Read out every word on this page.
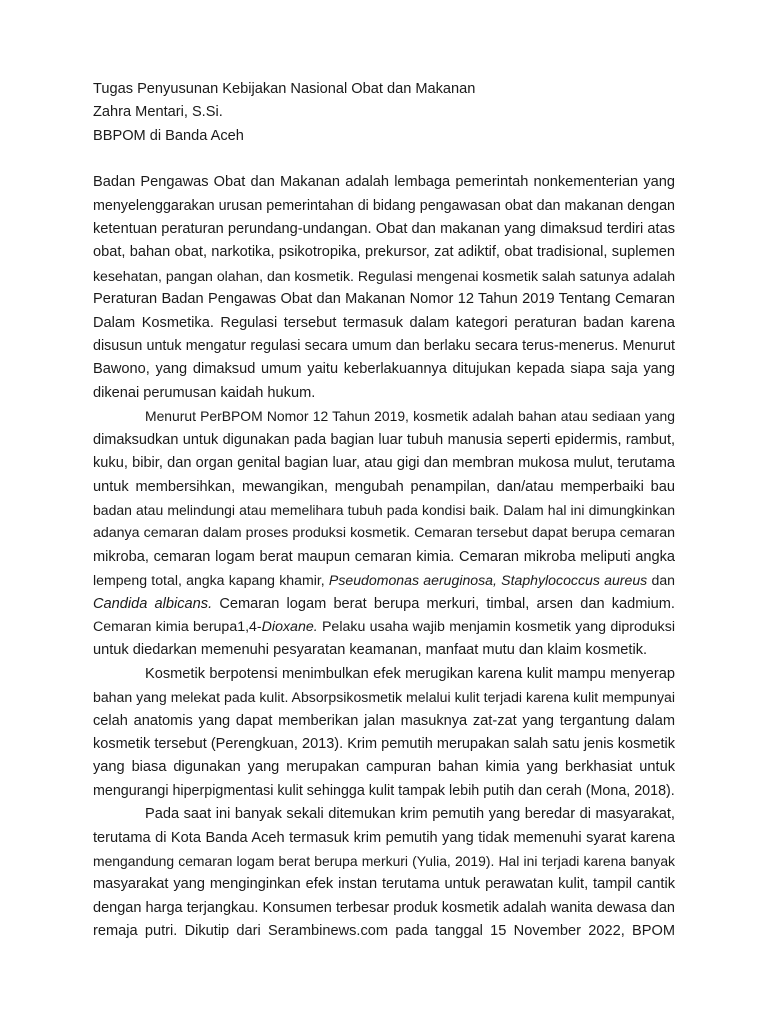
Tugas Penyusunan Kebijakan Nasional Obat dan Makanan

Zahra Mentari, S.Si.

BBPOM di Banda Aceh

Badan Pengawas Obat dan Makanan adalah lembaga pemerintah nonkementerian yang
menyelenggarakan urusan pemerintahan di bidang pengawasan obat dan makanan dengan
ketentuan peraturan perundang-undangan. Obat dan makanan yang dimaksud terdiri atas
obat, bahan obat, narkotika, psikotropika, prekursor, zat adiktif, obat tradisional, suplemen
kesehatan, pangan olahan, dan kosmetik. Regulasi mengenai kosmetik salah satunya adalah
Peraturan Badan Pengawas Obat dan Makanan Nomor 12 Tahun 2019 Tentang Cemaran
Dalam Kosmetika. Regulasi tersebut termasuk dalam kategori peraturan badan karena
disusun untuk mengatur regulasi secara umum dan berlaku secara terus-menerus. Menurut
Bawono, yang dimaksud umum yaitu keberlakuannya ditujukan kepada siapa saja yang
dikenai perumusan kaidah hukum.

Menurut PerBPOM Nomor 12 Tahun 2019, kosmetik adalah bahan atau sediaan yang
dimaksudkan untuk digunakan pada bagian luar tubuh manusia seperti epidermis, rambut,
kuku, bibir, dan organ genital bagian luar, atau gigi dan membran mukosa mulut, terutama
untuk membersihkan, mewangikan, mengubah penampilan, dan/atau memperbaiki bau
badan atau melindungi atau memelihara tubuh pada kondisi baik. Dalam hal ini dimungkinkan
adanya cemaran dalam proses produksi kosmetik. Cemaran tersebut dapat berupa cemaran
mikroba, cemaran logam berat maupun cemaran kimia. Cemaran mikroba meliputi angka
lempeng total, angka kapang khamir, Pseudomonas aeruginosa, Staphylococcus aureus dan
Candida albicans. Cemaran logam berat berupa merkuri, timbal, arsen dan kadmium.
Cemaran kimia berupa1,4-Dioxane. Pelaku usaha wajib menjamin kosmetik yang diproduksi
untuk diedarkan memenuhi pesyaratan keamanan, manfaat mutu dan klaim kosmetik.

Kosmetik berpotensi menimbulkan efek merugikan karena kulit mampu menyerap
bahan yang melekat pada kulit. Absorpsikosmetik melalui kulit terjadi karena kulit mempunyai
celah anatomis yang dapat memberikan jalan masuknya zat-zat yang tergantung dalam
kosmetik tersebut (Perengkuan, 2013). Krim pemutih merupakan salah satu jenis kosmetik
yang biasa digunakan yang merupakan campuran bahan kimia yang berkhasiat untuk
mengurangi hiperpigmentasi kulit sehingga kulit tampak lebih putih dan cerah (Mona, 2018).

Pada saat ini banyak sekali ditemukan krim pemutih yang beredar di masyarakat,
terutama di Kota Banda Aceh termasuk krim pemutih yang tidak memenuhi syarat karena
mengandung cemaran logam berat berupa merkuri (Yulia, 2019). Hal ini terjadi karena banyak
masyarakat yang menginginkan efek instan terutama untuk perawatan kulit, tampil cantik
dengan harga terjangkau. Konsumen terbesar produk kosmetik adalah wanita dewasa dan
remaja putri. Dikutip dari Serambinews.com pada tanggal 15 November 2022, BPOM
